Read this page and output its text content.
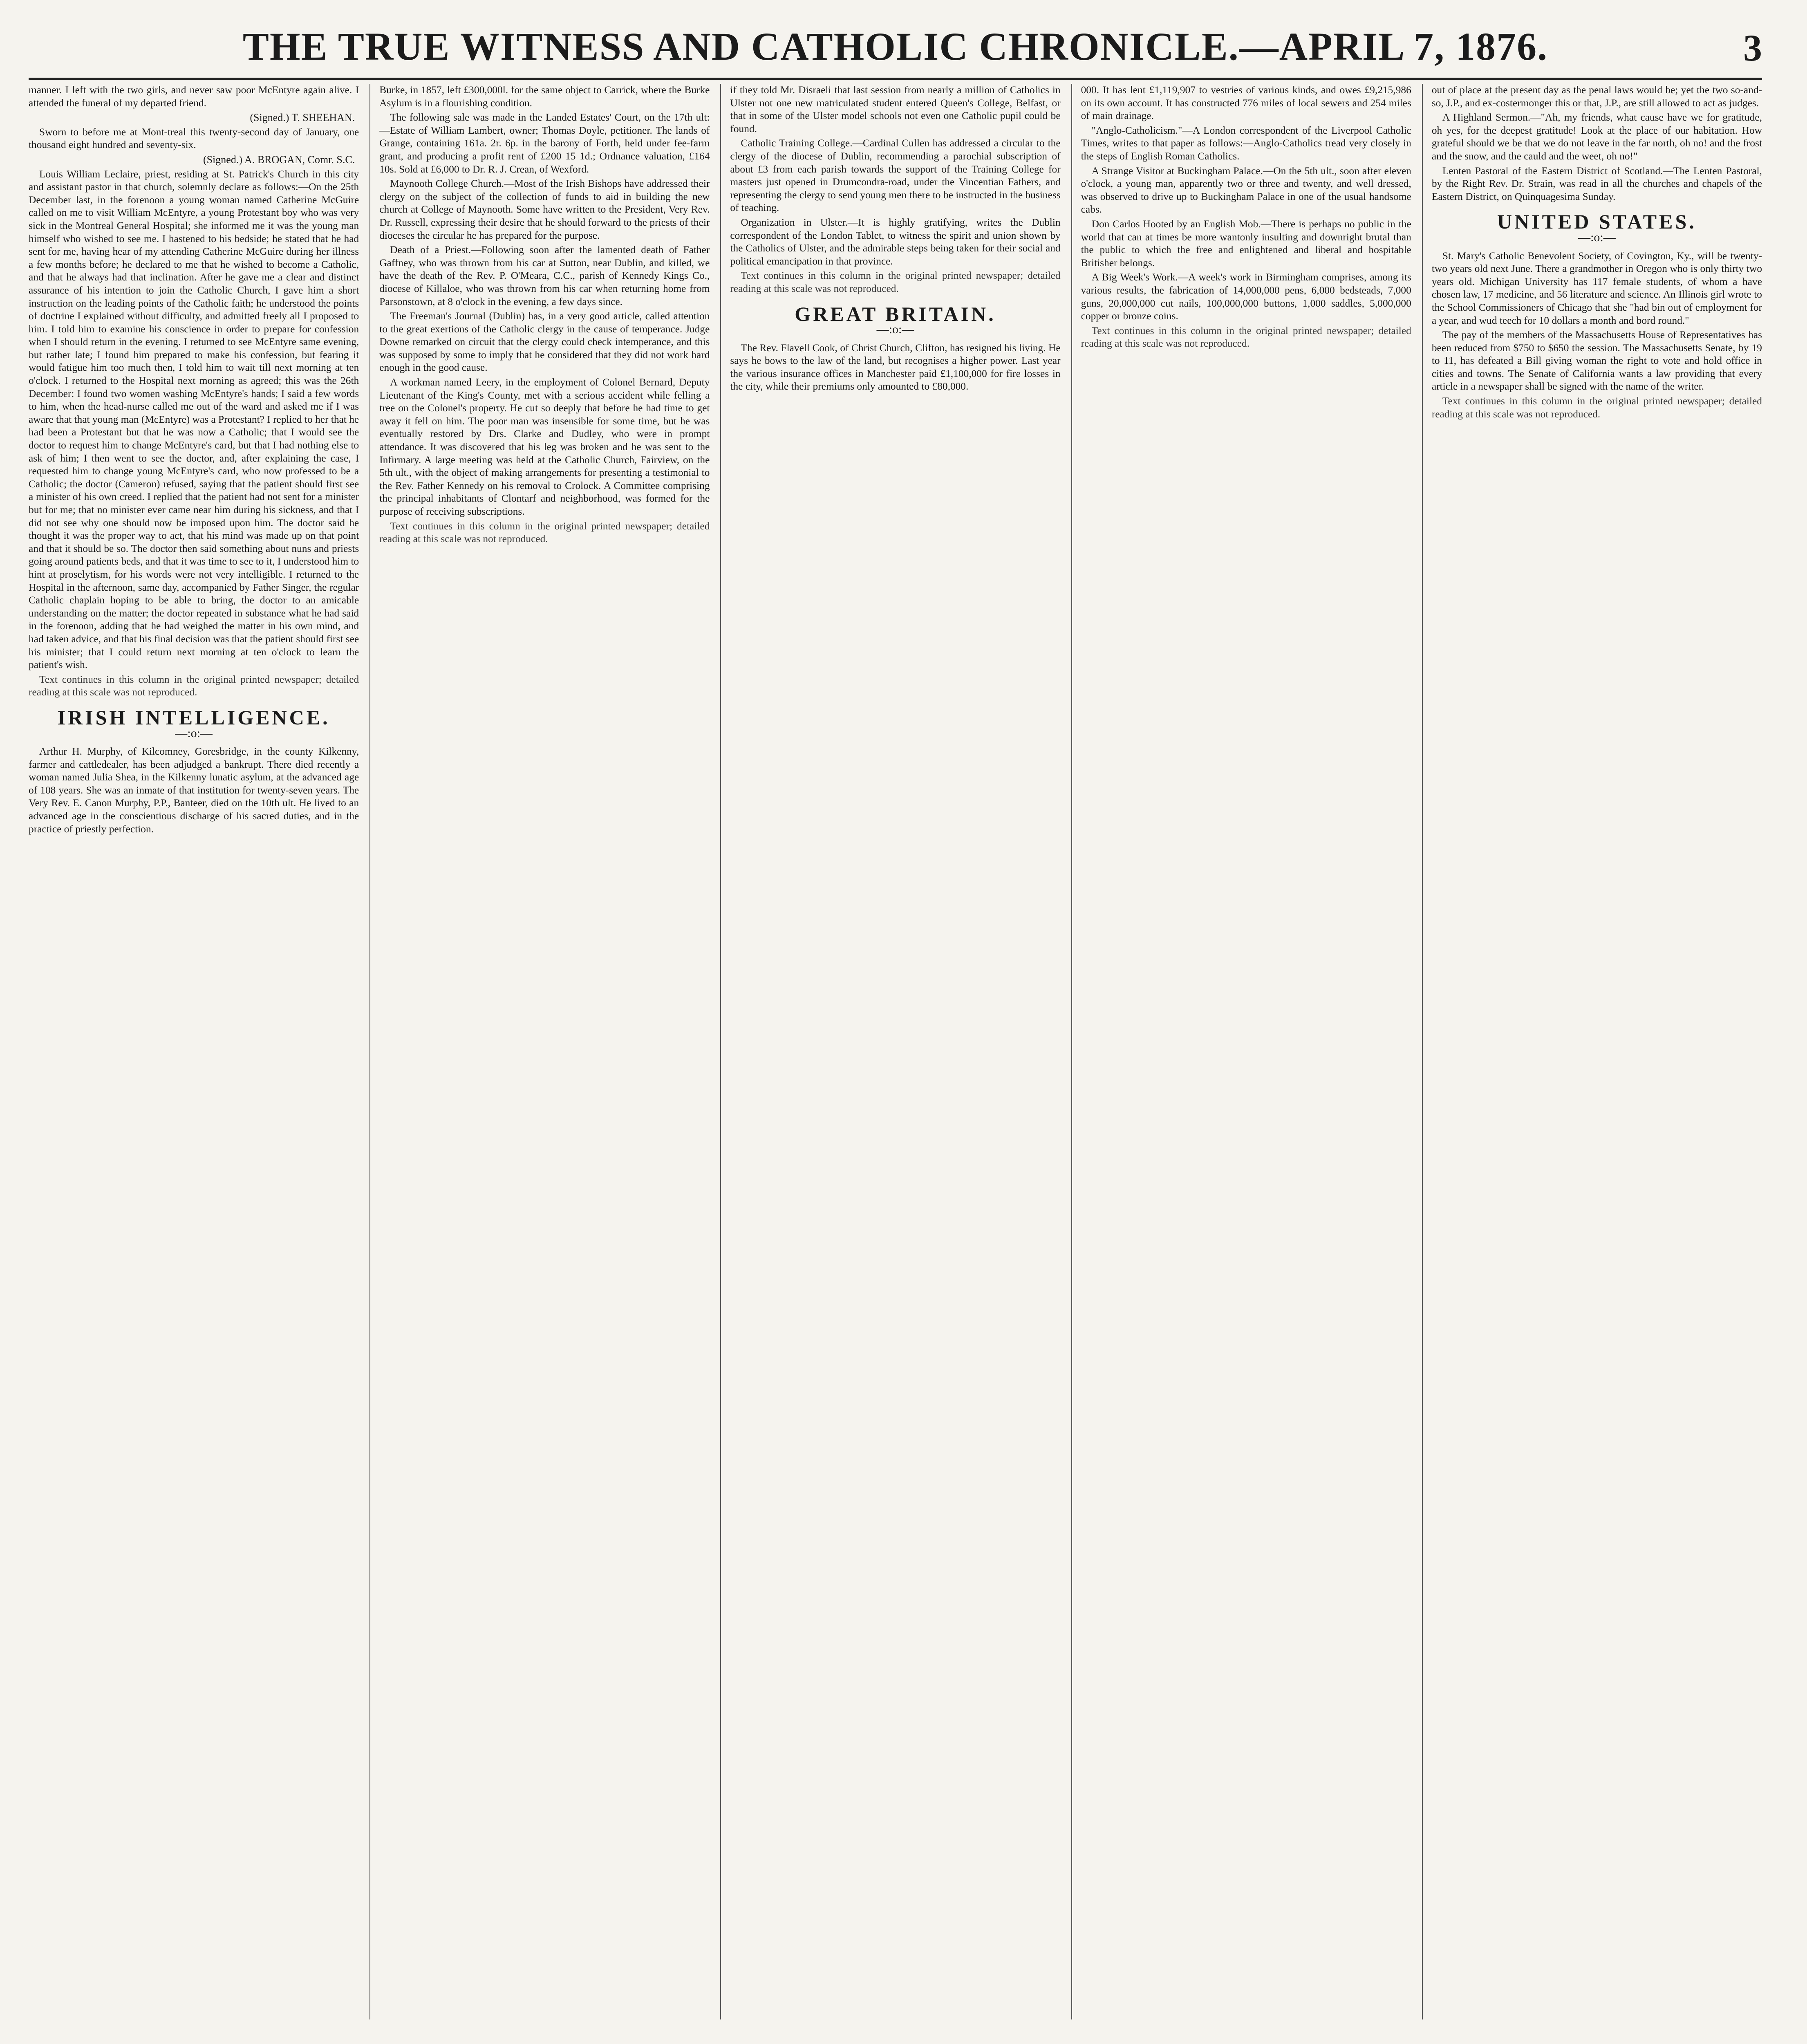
THE TRUE WITNESS AND CATHOLIC CHRONICLE.—APRIL 7, 1876.	3

manner. I left with the two girls, and never saw poor McEntyre again alive. I attended the funeral of my departed friend.

(Signed.) T. SHEEHAN.

Sworn to before me at Mont-treal this twenty-second day of January, one thousand eight hundred and seventy-six.

(Signed.) A. BROGAN, Comr. S.C.

Louis William Leclaire, priest, residing at St. Patrick's Church in this city and assistant pastor in that church, solemnly declare as follows:—On the 25th December last, in the forenoon a young woman named Catherine McGuire called on me to visit William McEntyre, a young Protestant boy who was very sick in the Montreal General Hospital; she informed me it was the young man himself who wished to see me. I hastened to his bedside; he stated that he had sent for me, having hear of my attending Catherine McGuire during her illness a few months before; he declared to me that he wished to become a Catholic, and that he always had that inclination. After he gave me a clear and distinct assurance of his intention to join the Catholic Church, I gave him a short instruction on the leading points of the Catholic faith; he understood the points of doctrine I explained without difficulty, and admitted freely all I proposed to him. I told him to examine his conscience in order to prepare for confession when I should return in the evening. I returned to see McEntyre same evening, but rather late; I found him prepared to make his confession, but fearing it would fatigue him too much then, I told him to wait till next morning at ten o'clock. I returned to the Hospital next morning as agreed; this was the 26th December: I found two women washing McEntyre's hands; I said a few words to him, when the head-nurse called me out of the ward and asked me if I was aware that that young man (McEntyre) was a Protestant? I replied to her that he had been a Protestant but that he was now a Catholic; that I would see the doctor to request him to change McEntyre's card, but that I had nothing else to ask of him; I then went to see the doctor, and, after explaining the case, I requested him to change young McEntyre's card, who now professed to be a Catholic; the doctor (Cameron) refused, saying that the patient should first see a minister of his own creed. I replied that the patient had not sent for a minister but for me; that no minister ever came near him during his sickness, and that I did not see why one should now be imposed upon him. The doctor said he thought it was the proper way to act, that his mind was made up on that point and that it should be so. The doctor then said something about nuns and priests going around patients beds, and that it was time to see to it, I understood him to hint at proselytism, for his words were not very intelligible. I returned to the Hospital in the afternoon, same day, accompanied by Father Singer, the regular Catholic chaplain hoping to be able to bring, the doctor to an amicable understanding on the matter; the doctor repeated in substance what he had said in the forenoon, adding that he had weighed the matter in his own mind, and had taken advice, and that his final decision was that the patient should first see his minister; that I could return next morning at ten o'clock to learn the patient's wish.

Text continues in this column in the original printed newspaper; detailed reading at this scale was not reproduced.

IRISH INTELLIGENCE.
—:o:—

Arthur H. Murphy, of Kilcomney, Goresbridge, in the county Kilkenny, farmer and cattledealer, has been adjudged a bankrupt. There died recently a woman named Julia Shea, in the Kilkenny lunatic asylum, at the advanced age of 108 years. She was an inmate of that institution for twenty-seven years. The Very Rev. E. Canon Murphy, P.P., Banteer, died on the 10th ult. He lived to an advanced age in the conscientious discharge of his sacred duties, and in the practice of priestly perfection.

Burke, in 1857, left £300,000l. for the same object to Carrick, where the Burke Asylum is in a flourishing condition.

The following sale was made in the Landed Estates' Court, on the 17th ult:—Estate of William Lambert, owner; Thomas Doyle, petitioner. The lands of Grange, containing 161a. 2r. 6p. in the barony of Forth, held under fee-farm grant, and producing a profit rent of £200 15 1d.; Ordnance valuation, £164 10s. Sold at £6,000 to Dr. R. J. Crean, of Wexford.

Maynooth College Church.—Most of the Irish Bishops have addressed their clergy on the subject of the collection of funds to aid in building the new church at College of Maynooth. Some have written to the President, Very Rev. Dr. Russell, expressing their desire that he should forward to the priests of their dioceses the circular he has prepared for the purpose.

Death of a Priest.—Following soon after the lamented death of Father Gaffney, who was thrown from his car at Sutton, near Dublin, and killed, we have the death of the Rev. P. O'Meara, C.C., parish of Kennedy Kings Co., diocese of Killaloe, who was thrown from his car when returning home from Parsonstown, at 8 o'clock in the evening, a few days since.

The Freeman's Journal (Dublin) has, in a very good article, called attention to the great exertions of the Catholic clergy in the cause of temperance. Judge Downe remarked on circuit that the clergy could check intemperance, and this was supposed by some to imply that he considered that they did not work hard enough in the good cause.

A workman named Leery, in the employment of Colonel Bernard, Deputy Lieutenant of the King's County, met with a serious accident while felling a tree on the Colonel's property. He cut so deeply that before he had time to get away it fell on him. The poor man was insensible for some time, but he was eventually restored by Drs. Clarke and Dudley, who were in prompt attendance. It was discovered that his leg was broken and he was sent to the Infirmary. A large meeting was held at the Catholic Church, Fairview, on the 5th ult., with the object of making arrangements for presenting a testimonial to the Rev. Father Kennedy on his removal to Crolock. A Committee comprising the principal inhabitants of Clontarf and neighborhood, was formed for the purpose of receiving subscriptions.

Text continues in this column in the original printed newspaper; detailed reading at this scale was not reproduced.

if they told Mr. Disraeli that last session from nearly a million of Catholics in Ulster not one new matriculated student entered Queen's College, Belfast, or that in some of the Ulster model schools not even one Catholic pupil could be found.

Catholic Training College.—Cardinal Cullen has addressed a circular to the clergy of the diocese of Dublin, recommending a parochial subscription of about £3 from each parish towards the support of the Training College for masters just opened in Drumcondra-road, under the Vincentian Fathers, and representing the clergy to send young men there to be instructed in the business of teaching.

Organization in Ulster.—It is highly gratifying, writes the Dublin correspondent of the London Tablet, to witness the spirit and union shown by the Catholics of Ulster, and the admirable steps being taken for their social and political emancipation in that province.

Text continues in this column in the original printed newspaper; detailed reading at this scale was not reproduced.

GREAT BRITAIN.
—:o:—

The Rev. Flavell Cook, of Christ Church, Clifton, has resigned his living. He says he bows to the law of the land, but recognises a higher power. Last year the various insurance offices in Manchester paid £1,100,000 for fire losses in the city, while their premiums only amounted to £80,000.

000. It has lent £1,119,907 to vestries of various kinds, and owes £9,215,986 on its own account. It has constructed 776 miles of local sewers and 254 miles of main drainage.

"Anglo-Catholicism."—A London correspondent of the Liverpool Catholic Times, writes to that paper as follows:—Anglo-Catholics tread very closely in the steps of English Roman Catholics.

A Strange Visitor at Buckingham Palace.—On the 5th ult., soon after eleven o'clock, a young man, apparently two or three and twenty, and well dressed, was observed to drive up to Buckingham Palace in one of the usual handsome cabs.

Don Carlos Hooted by an English Mob.—There is perhaps no public in the world that can at times be more wantonly insulting and downright brutal than the public to which the free and enlightened and liberal and hospitable Britisher belongs.

A Big Week's Work.—A week's work in Birmingham comprises, among its various results, the fabrication of 14,000,000 pens, 6,000 bedsteads, 7,000 guns, 20,000,000 cut nails, 100,000,000 buttons, 1,000 saddles, 5,000,000 copper or bronze coins.

Text continues in this column in the original printed newspaper; detailed reading at this scale was not reproduced.

out of place at the present day as the penal laws would be; yet the two so-and-so, J.P., and ex-costermonger this or that, J.P., are still allowed to act as judges.

A Highland Sermon.—"Ah, my friends, what cause have we for gratitude, oh yes, for the deepest gratitude! Look at the place of our habitation. How grateful should we be that we do not leave in the far north, oh no! and the frost and the snow, and the cauld and the weet, oh no!"

Lenten Pastoral of the Eastern District of Scotland.—The Lenten Pastoral, by the Right Rev. Dr. Strain, was read in all the churches and chapels of the Eastern District, on Quinquagesima Sunday.

UNITED STATES.
—:o:—

St. Mary's Catholic Benevolent Society, of Covington, Ky., will be twenty-two years old next June. There a grandmother in Oregon who is only thirty two years old. Michigan University has 117 female students, of whom a have chosen law, 17 medicine, and 56 literature and science. An Illinois girl wrote to the School Commissioners of Chicago that she "had bin out of employment for a year, and wud teech for 10 dollars a month and bord round."

The pay of the members of the Massachusetts House of Representatives has been reduced from $750 to $650 the session. The Massachusetts Senate, by 19 to 11, has defeated a Bill giving woman the right to vote and hold office in cities and towns. The Senate of California wants a law providing that every article in a newspaper shall be signed with the name of the writer.

Text continues in this column in the original printed newspaper; detailed reading at this scale was not reproduced.
